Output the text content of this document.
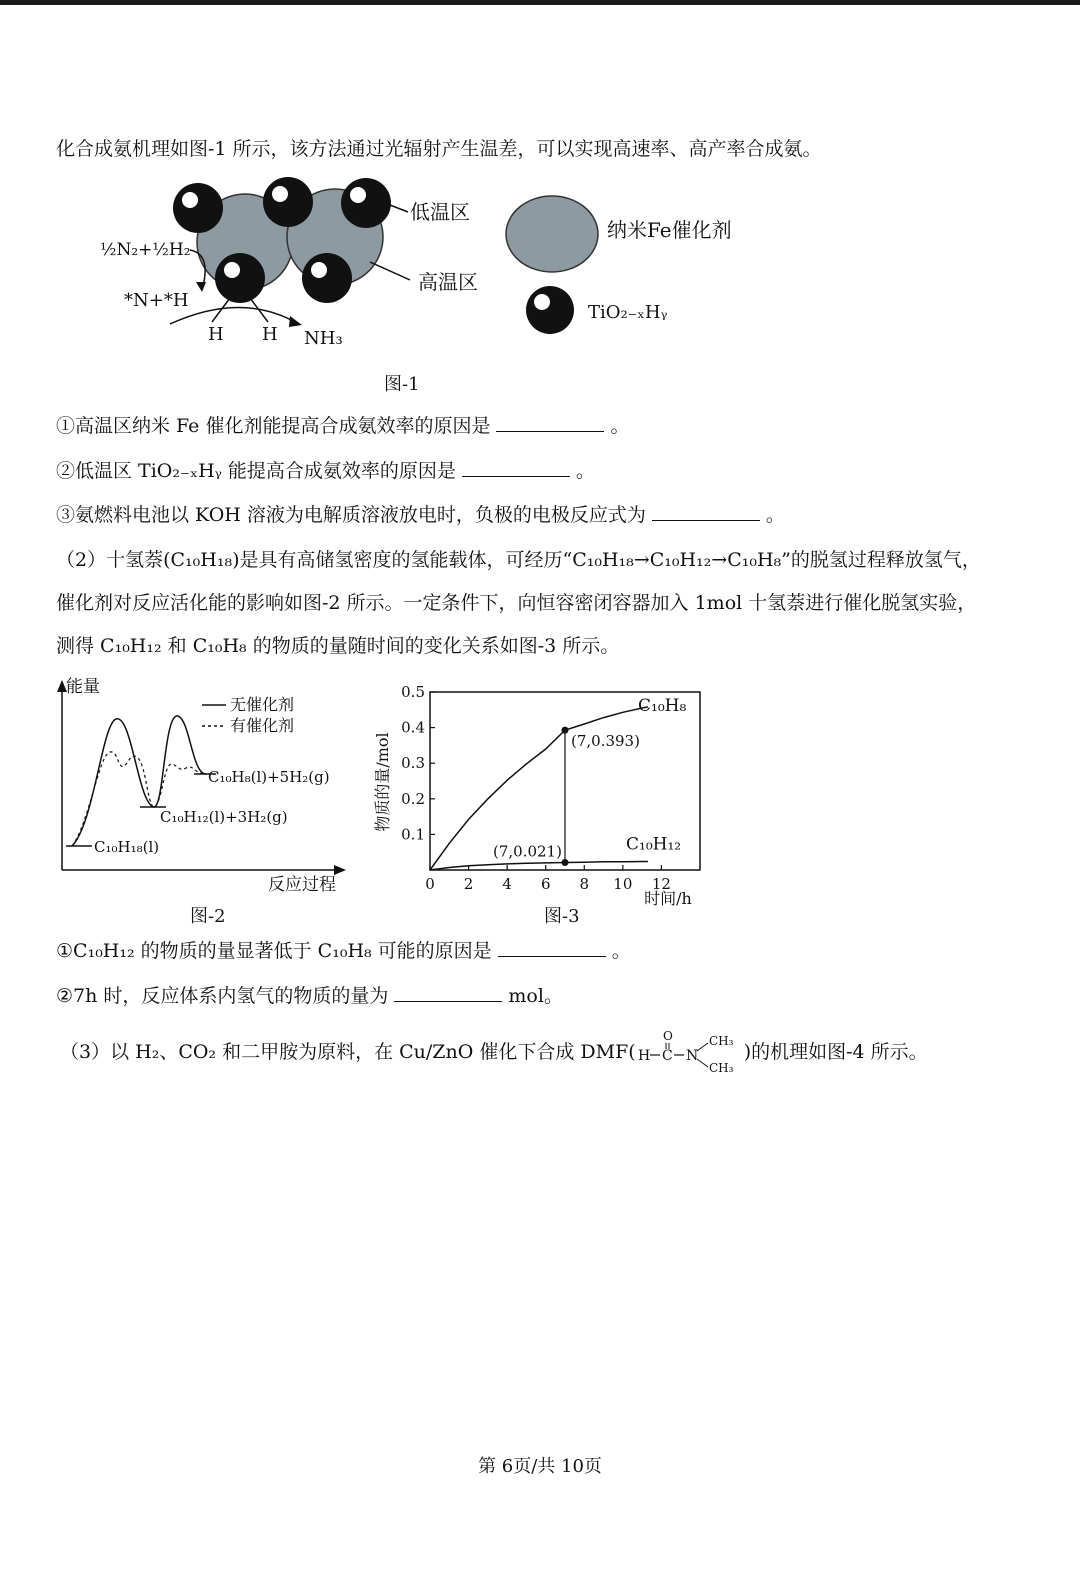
化合成氨机理如图-1 所示，该方法通过光辐射产生温差，可以实现高速率、高产率合成氨。
低温区
高温区
½N₂+½H₂
*N+*H
H H NH₃
纳米Fe催化剂
TiO₂₋ₓHᵧ
图-1
①高温区纳米 Fe 催化剂能提高合成氨效率的原因是	。
②低温区 TiO₂₋ₓHᵧ 能提高合成氨效率的原因是	。
③氨燃料电池以 KOH 溶液为电解质溶液放电时，负极的电极反应式为	。
（2）十氢萘(C₁₀H₁₈)是具有高储氢密度的氢能载体，可经历“C₁₀H₁₈→C₁₀H₁₂→C₁₀H₈”的脱氢过程释放氢气，
催化剂对反应活化能的影响如图-2 所示。一定条件下，向恒容密闭容器加入 1mol 十氢萘进行催化脱氢实验，
测得 C₁₀H₁₂ 和 C₁₀H₈ 的物质的量随时间的变化关系如图-3 所示。
能量
反应过程
无催化剂
有催化剂
C₁₀H₈(l)+5H₂(g)
C₁₀H₁₂(l)+3H₂(g)
C₁₀H₁₈(l)
图-2
0 2 4 6 8 10 12
0.1
0.2
0.3
0.4
0.5
(7,0.393)
(7,0.021)
C₁₀H₈
C₁₀H₁₂
物质的量/mol
时间/h
图-3
①C₁₀H₁₂ 的物质的量显著低于 C₁₀H₈ 可能的原因是	。
②7h 时，反应体系内氢气的物质的量为	mol。
（3）以 H₂、CO₂ 和二甲胺为原料，在 Cu/ZnO 催化下合成 DMF( H C
O
N
CH₃
CH₃
)的机理如图-4 所示。
第 6页/共 10页
